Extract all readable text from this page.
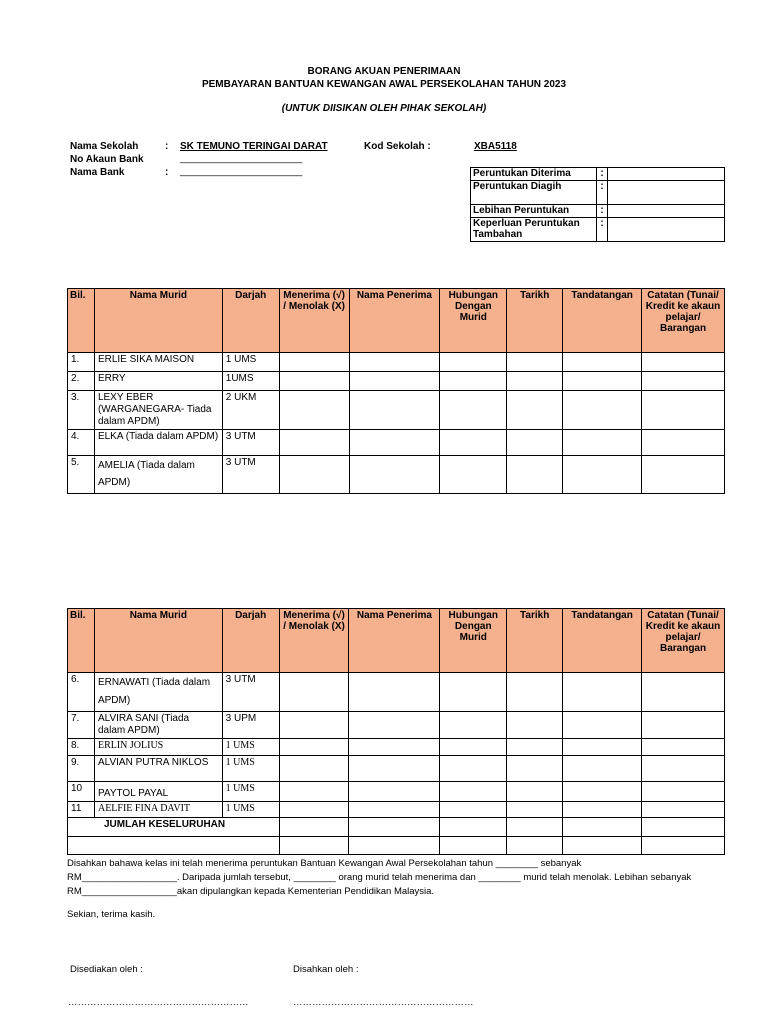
BORANG AKUAN PENERIMAAN
PEMBAYARAN BANTUAN KEWANGAN AWAL PERSEKOLAHAN TAHUN 2023
(UNTUK DIISIKAN OLEH PIHAK SEKOLAH)
Nama Sekolah	: SK TEMUNO TERINGAI DARAT	Kod Sekolah :	XBA5118
No Akaun Bank	______________________
Nama Bank	: ______________________	Peruntukan Diterima	:	
Peruntukan Diagih	:	
Lebihan Peruntukan	:	
Keperluan Peruntukan Tambahan	:	
Bil.	Nama Murid	Darjah	Menerima (√) / Menolak (X)	Nama Penerima	Hubungan Dengan Murid	Tarikh	Tandatangan	Catatan (Tunai/ Kredit ke akaun pelajar/ Barangan
1.	ERLIE SIKA MAISON	1 UMS						
2.	ERRY	1UMS						
3.	LEXY EBER (WARGANEGARA- Tiada dalam APDM)	2 UKM						
4.	ELKA (Tiada dalam APDM)	3 UTM						
5.	AMELIA (Tiada dalam APDM)	3 UTM						
Bil.	Nama Murid	Darjah	Menerima (√) / Menolak (X)	Nama Penerima	Hubungan Dengan Murid	Tarikh	Tandatangan	Catatan (Tunai/ Kredit ke akaun pelajar/ Barangan
6.	ERNAWATI (Tiada dalam APDM)	3 UTM						
7.	ALVIRA SANI (Tiada dalam APDM)	3 UPM						
8.	ERLIN JOLIUS	1 UMS						
9.	ALVIAN PUTRA NIKLOS	1 UMS						
10	PAYTOL PAYAL	1 UMS						
11	AELFIE FINA DAVIT	1 UMS						
JUMLAH KESELURUHAN								

Disahkan bahawa kelas ini telah menerima peruntukan Bantuan Kewangan Awal Persekolahan tahun ________ sebanyak
RM__________________. Daripada jumlah tersebut, ________ orang murid telah menerima dan ________ murid telah menolak. Lebihan sebanyak
RM__________________akan dipulangkan kepada Kementerian Pendidikan Malaysia.
Sekian, terima kasih.
Disediakan oleh :	Disahkan oleh :
…………………………………………………	…………………………………………………
